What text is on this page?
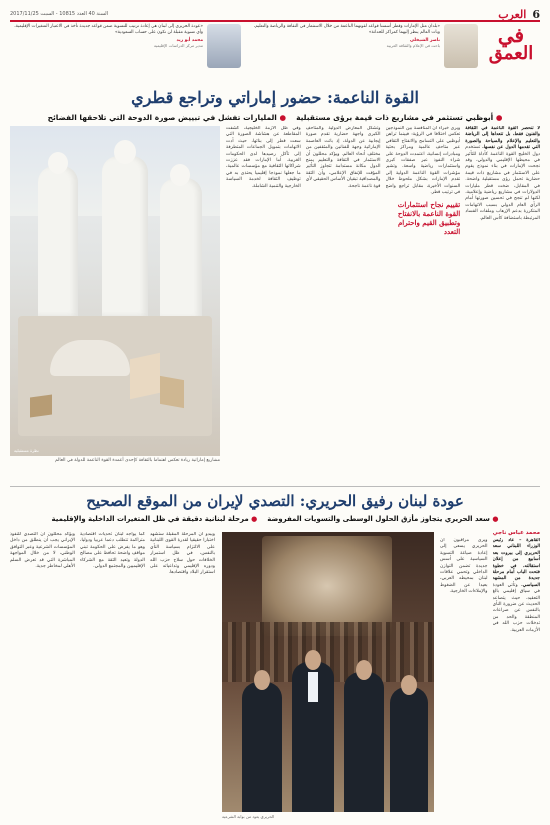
6
العرب
السنة 40 العدد 10815 - السبت 2017/11/25
في
العمق
«بلدان مثل الإمارات وقطر أسستا قواعد لقوتهما الناعمة من خلال الاستثمار في الثقافة والرياضة والتعليم، وبات العالم ينظر إليهما كمراكز للحداثة»
ناصر الشيخلي
باحث في الإعلام والثقافة العربية
«عودة الحريري إلى لبنان هي إعادة ترتيب للتسوية ضمن قواعد جديدة تأخذ في الاعتبار المتغيرات الإقليمية، وأي تسوية مقبلة لن تكون على حساب السعودية»
محمد أبو زيد
مدير مركز الدراسات الإقليمية
القوة الناعمة: حضور إماراتي وتراجع قطري
● أبوظبي تستثمر في مشاريع ذات قيمة برؤى مستقبلية
● المليارات تفشل في تبييض صورة الدوحة التي تلاحقها الفضائح
نظرة مستقبلية
مشاريع إماراتية ريادة تعكس اهتماما بالثقافة كإحدى أعمدة القوة الناعمة للدولة في العالم

لا تنحصر القوة الناعمة في الثقافة والفنون فقط، بل تتعداها إلى الرياضة والتعليم والإعلام والسياحة والصورة التي تقدمها الدول عن نفسها. تستخدم دول الخليج القوة الناعمة كأداة للتأثير في محيطها الإقليمي والدولي، وقد نجحت الإمارات في بناء نموذج يقوم على الاستثمار في مشاريع ذات قيمة حضارية تحمل رؤى مستقبلية واضحة. في المقابل، ضخت قطر مليارات الدولارات في مشاريع رياضية وإعلامية، لكنها لم تنجح في تحسين صورتها أمام الرأي العام الدولي بسبب الاتهامات المتكررة بدعم الإرهاب وملفات الفساد المرتبطة باستضافة كأس العالم.

ويرى خبراء أن المنافسة بين النموذجين تعكس اختلافا في الرؤية: فبينما تراهن أبوظبي على التسامح والانفتاح الثقافي عبر متاحف عالمية ومراكز بحثية ومبادرات إنسانية، اعتمدت الدوحة على شراء النفوذ عبر صفقات كبرى واستثمارات رياضية واسعة. وتشير مؤشرات القوة الناعمة الدولية إلى تقدم الإمارات بشكل ملحوظ خلال السنوات الأخيرة، مقابل تراجع واضح في ترتيب قطر.

تقييم نجاح استثمارات القوة الناعمة بالانفتاح وتطبيق القيم واحترام التعدد

وتشكل المعارض الدولية والمتاحف الكبرى واجهة حضارية تقدم صورة إيجابية عن الدولة، إذ باتت العاصمة الإماراتية وجهة للفنانين والمثقفين من مختلف أنحاء العالم. ويؤكد محللون أن الاستثمار في الثقافة والتعليم يمنح الدول مكانة مستدامة تتجاوز التأثير المؤقت للإنفاق الإعلامي، وأن الثقة والمصداقية تبقيان الأساس الحقيقي لأي قوة ناعمة ناجحة.

وفي ظل الأزمة الخليجية، كشفت المقاطعة عن هشاشة الصورة التي سعت قطر إلى بنائها، حيث أدت الاتهامات بتمويل الجماعات المتطرفة إلى تآكل رصيدها لدى الحكومات الغربية. أما الإمارات فقد عززت شراكاتها الثقافية مع مؤسسات عالمية، ما جعلها نموذجا إقليميا يحتذى به في توظيف الثقافة لخدمة السياسة الخارجية والتنمية الشاملة.

عودة لبنان رفيق الحريري: التصدي لإيران من الموقع الصحيح
● سعد الحريري يتجاوز مأزق الحلول الوسطى والتسويات المفروضة
● مرحلة لبنانية دقيقة في ظل المتغيرات الداخلية والإقليمية
محمد عباس ناجي

القاهرة – عاد رئيس الوزراء اللبناني سعد الحريري إلى بيروت بعد أسابيع من إعلان استقالته، في خطوة فتحت الباب أمام مرحلة جديدة من المشهد السياسي. وتأتي العودة في سياق إقليمي بالغ التعقيد، حيث يتصاعد الحديث عن ضرورة النأي بالنفس عن صراعات المنطقة والحد من تدخلات حزب الله في الأزمات العربية.

ويرى مراقبون أن الحريري يسعى إلى إعادة صياغة التسوية السياسية على أسس جديدة تضمن التوازن الداخلي وتحمي علاقات لبنان بمحيطه العربي، بعيدا عن الضغوط والإملاءات الخارجية.

الحريري يعود من بوابة الشرعية

ويبدو أن المرحلة المقبلة ستشهد اختبارا حقيقيا لقدرة القوى اللبنانية على الالتزام بسياسة النأي بالنفس، في ظل استمرار الخلافات حول سلاح حزب الله ودوره الإقليمي وتداعياته على استقرار البلاد واقتصادها.

كما يواجه لبنان تحديات اقتصادية متراكمة تتطلب دعما عربيا ودوليا، وهو ما يفرض على الحكومة تبني مواقف واضحة تحافظ على مصالح الدولة وتعيد الثقة مع الشركاء الإقليميين والمجتمع الدولي.

ويؤكد محللون أن التصدي للنفوذ الإيراني يجب أن ينطلق من داخل المؤسسات الشرعية وعبر التوافق الوطني، لا من خلال المواجهة المباشرة التي قد تعرض السلم الأهلي لمخاطر جدية.
